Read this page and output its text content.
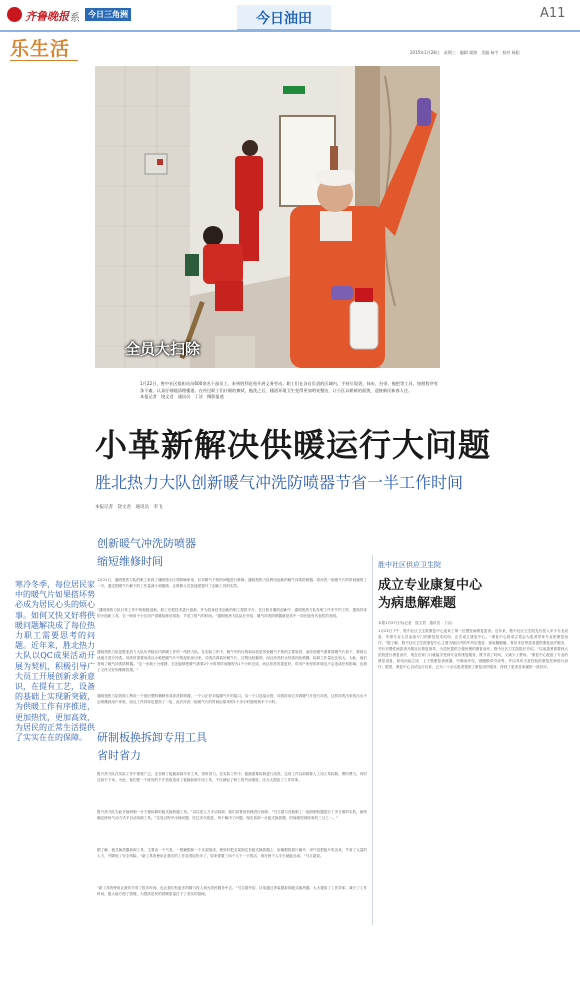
齐鲁晚报 系	今日三角洲	今日油田	A11
乐生活	2015年1月28日　星期三　编辑 栗路　美编 杨宇　校对 杨阳
全员大扫除
1月22日，胜中社区组织动员600余名干部员工，来到胜利花苑开展义务劳动。职工们在各自负责的区域内，手持垃圾袋、抹布、扫帚，拖把等工具，按照程序有条不紊，认真仔细地清理楼道。在经过职工们仔细的擦拭、拖洗之后，楼道环境卫生变得更加明亮整洁，让小区以崭新的面貌，迎接新民新春人住。
本报记者　饶文君　通讯员　丁洁　摄影报道
小革新解决供暖运行大问题
胜北热力大队创新暖气冲洗防喷器节省一半工作时间
本报记者　饶文君　通讯员　李飞
寒冷冬季，每位居民家中的暖气片如果搭坏势必成为居民心头的烦心事。如何又快又好将供暖问题解决成了每位热力职工需要思考的问题。近年来，胜北热力大队以QC成果活动开展为契机，积极引导广大员工开展创新求新意识，在提有工艺，设备的基础上实现新突破，为供暖工作有序推进，更加热忱，更加高效，为居民的正常生活提供了实实在在的保障。
创新暖气冲洗防喷器
缩短维修时间
1月21日，通明苑热力队的职工来到了通明苑小区郑阿姨家里，针对暖气不热的问题进行维修。通明苑热力队利用创新的暖气冲洗防喷器，将冲洗一组暖气片的时间缩短了一半。通过把暖气片解下的工作量减少到极简，让维修人员加速度提升了创新工具的实效。
“通明苑热力队日常工作中的积极创新，职工们把技术进行创新，并为投身技术创新的职工提供平台，在日积月累的创新中，通明苑热力队发明了许多节约工时、提高效率的小创新工具，它一般用于小区用户供暖检修后排查，节省了排气的时间。”通明苑热力队队长介绍，暖气冲洗防喷器就是其中一项比较有代表性的发明。
通明苑热力队是胜北热力大队负责辖区内供暖工作的一线热力队。在实际工作中，暖气中的污物和杂质是导致暖气不热的主要原因，而冲洗暖气需要将暖气片拆下，移到合适地方进行冲洗。冲洗时需要用高压水枪把暖气片中的泥垢冲出来，冲洗后再装好暖气片，过程比较繁琐，而且冲洗时水经常四处喷溅，拆卸工作量也比较大。为此，他们发明了暖气冲洗防喷器。“这一步就十分便捷，它还能够把暖气需要2个小时的时间缩短为1个小时完成，而且冲洗效果更好，对用户家里的环境也不会造成任何影响，达到了又快又好的维修效果。”
通明苑热力队的职工利用一个废旧塑料桶制作成冲洗防喷器，一个口正好对接暖气片的接口，另一个口连接水管，冲洗时用它对着暖气片进行冲洗，这样冲洗出来的污水不会喷溅到用户家里，而且工作效率也提高了一倍，此后冲洗一组暖气片的时间由原来的1个多小时缩短到半个小时。
研制板换拆卸专用工具
省时省力
胜兴热力队在实际工作中需要广泛，还自制了板换拆卸专用工具，省时省力。在实际工作中，板换需要拆卸进行清洗，这项工作以前都要人工用工具拆卸，费时费力，有时还拆不下来。为此，他们把一个废旧的千斤顶改造成了板换拆卸专用工具，不仅减轻了职工的劳动强度，还大大提高了工作效率。
胜兴热力队为此开始研制一台方便拆卸的板式换热器工具。“以往是人力手动拆卸，我们试着用机械进行拆卸。”马文超与其他职工一起研制机器进行了多方面的实验，最终确定使用气动力式半自动拆卸工具。“实验过程中出现问题，经过多次改进，终于解决了问题，现在拆卸一台板式换热器，时间缩短到原来的三分之一。”
据了解，板式换热器拆卸工具，主要由一个气泵、一根撬棍和一个支架组成，使用时把支架固定在板式换热器上，用撬棍将板片撬开，用气泵把板片吹出来，节省了大量的人力，并降低了安全风险。“新工具的使用让我们的工作变得轻松多了，原来需要三四个人干一天的活，现在两个人半天就能完成。”马文超说。
“新工具的使用让我们节省了很多时间，也让我们有更多的精力投入到为居民服务中去。”马文超介绍，目前通过该装置拆卸板式换热器，大大提高了工作效率，减少了工作时间，极大地方便了管理，为提高居民的供暖质量打下了坚实的基础。
胜中社区供应卫生院
成立专业康复中心
为病患解难题
本报1月27日讯(记者　饶文君　通讯员　丁洁)
1月23日下午，胜中社区卫生院康复中心迎来了第一位慢性病康复患者。近年来，胜中社区卫生院先后投入多少专业设备，安排专业人员参加专门的康复技术培训，正式成立康复中心。“康复中心的成立将会为患者带来专业的康复治疗。”据了解，胜中社区卫生院康复中心主要为辖区内的中风后遗症、颈肩腰腿痛、骨折术后等患者提供康复治疗服务，并针对慢性病患者开展社区康复指导，为居民提供方便快捷的康复治疗。胜中社区卫生院院长介绍，“以前患者需要到大医院进行康复治疗，现在在家门口就能享受到专业的康复服务，既节省了时间，又减少了费用。”康复中心配备了专业的康复设备，如电动起立床、上下肢康复训练器、中频治疗仪、颈腰椎牵引床等，并由具有丰富经验的康复医师进行治疗。据悉，康复中心自试运行以来，已为二十余名患者提供了康复治疗服务，得到了患者及家属的一致好评。
